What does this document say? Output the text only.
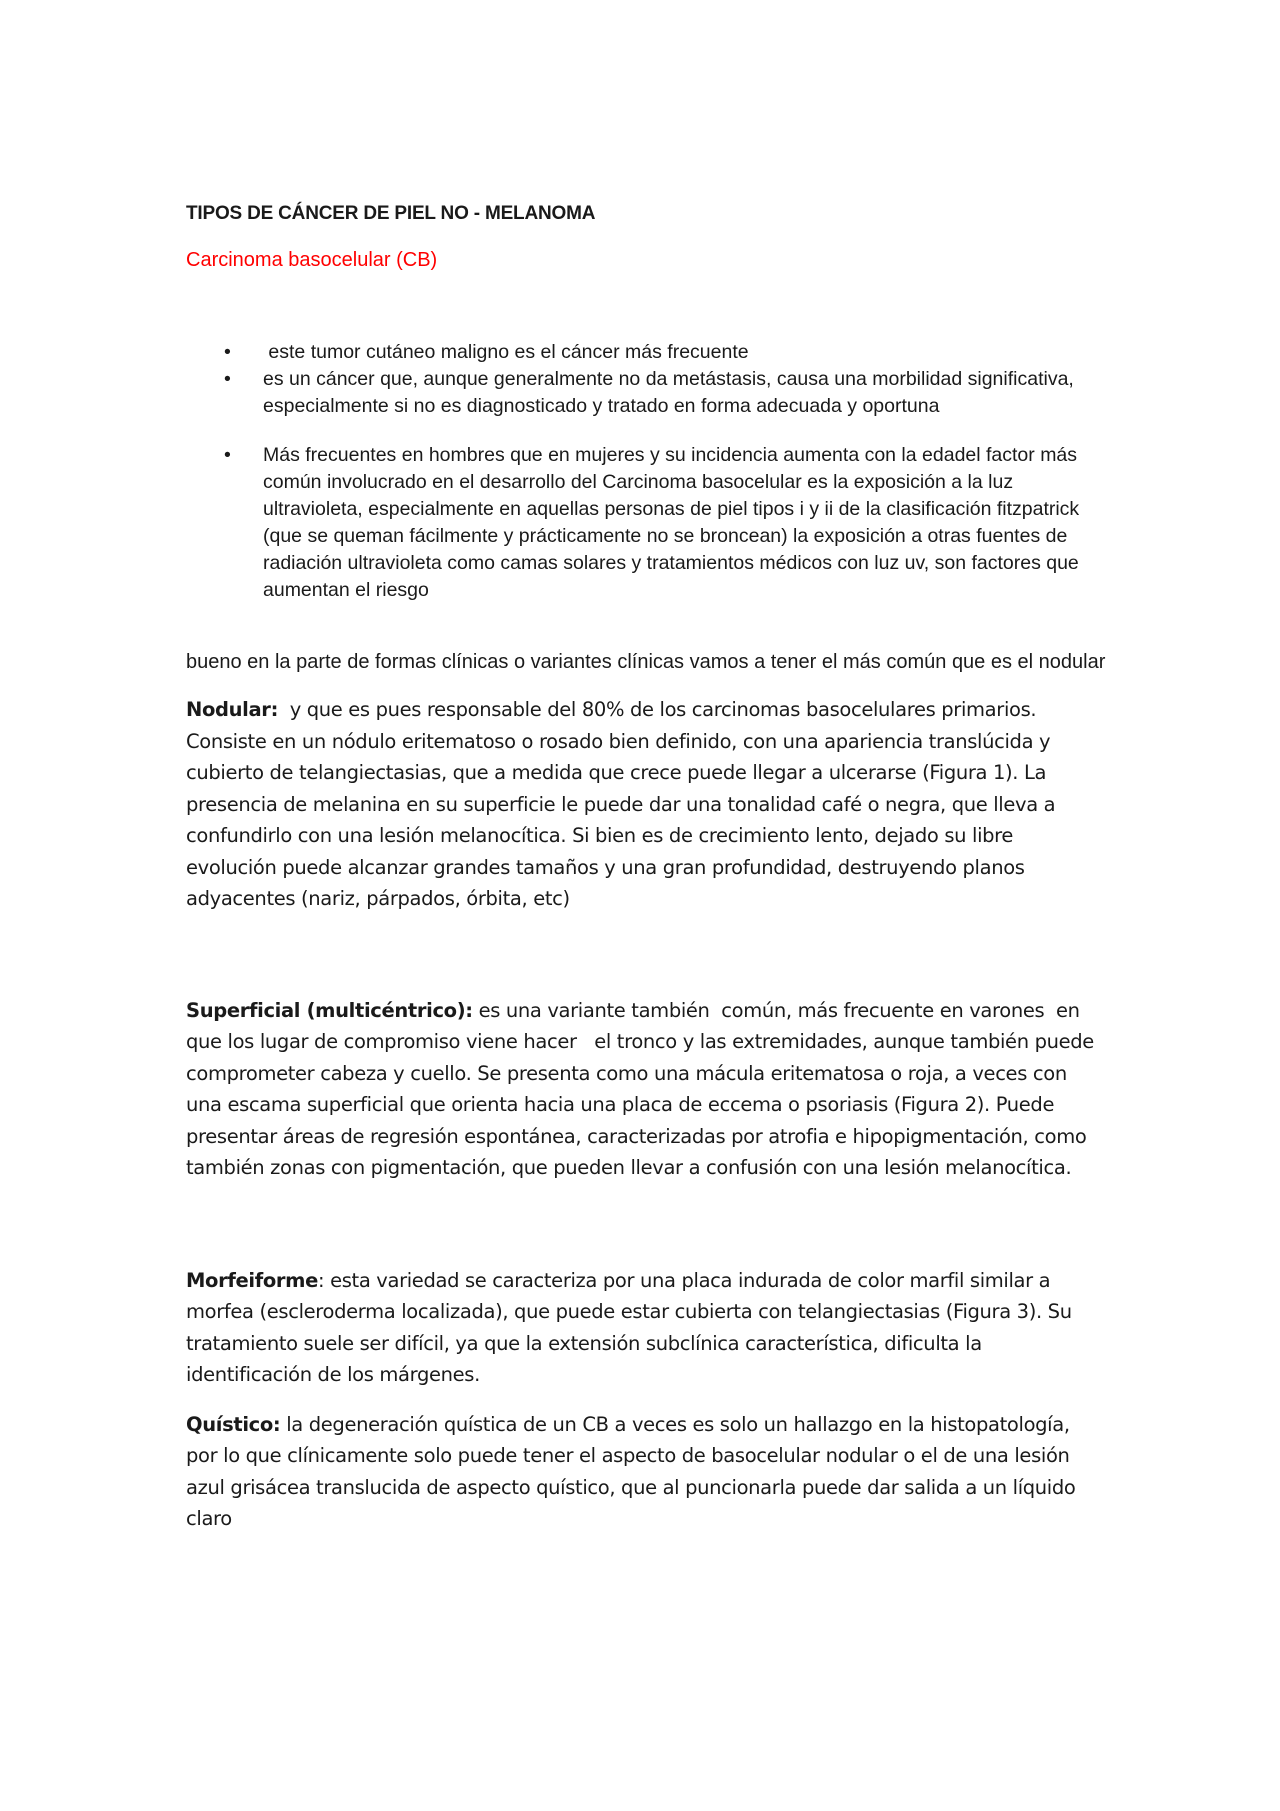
TIPOS DE CÁNCER DE PIEL NO - MELANOMA

Carcinoma basocelular (CB)

• este tumor cutáneo maligno es el cáncer más frecuente
• es un cáncer que, aunque generalmente no da metástasis, causa una morbilidad significativa, especialmente si no es diagnosticado y tratado en forma adecuada y oportuna
• Más frecuentes en hombres que en mujeres y su incidencia aumenta con la edadel factor más común involucrado en el desarrollo del Carcinoma basocelular es la exposición a la luz ultravioleta, especialmente en aquellas personas de piel tipos i y ii de la clasificación fitzpatrick (que se queman fácilmente y prácticamente no se broncean) la exposición a otras fuentes de radiación ultravioleta como camas solares y tratamientos médicos con luz uv, son factores que aumentan el riesgo

bueno en la parte de formas clínicas o variantes clínicas vamos a tener el más común que es el nodular

Nodular:  y que es pues responsable del 80% de los carcinomas basocelulares primarios. Consiste en un nódulo eritematoso o rosado bien definido, con una apariencia translúcida y cubierto de telangiectasias, que a medida que crece puede llegar a ulcerarse (Figura 1). La presencia de melanina en su superficie le puede dar una tonalidad café o negra, que lleva a confundirlo con una lesión melanocítica. Si bien es de crecimiento lento, dejado su libre evolución puede alcanzar grandes tamaños y una gran profundidad, destruyendo planos adyacentes (nariz, párpados, órbita, etc)

Superficial (multicéntrico): es una variante también  común, más frecuente en varones  en que los lugar de compromiso viene hacer   el tronco y las extremidades, aunque también puede comprometer cabeza y cuello. Se presenta como una mácula eritematosa o roja, a veces con una escama superficial que orienta hacia una placa de eccema o psoriasis (Figura 2). Puede presentar áreas de regresión espontánea, caracterizadas por atrofia e hipopigmentación, como también zonas con pigmentación, que pueden llevar a confusión con una lesión melanocítica.

Morfeiforme: esta variedad se caracteriza por una placa indurada de color marfil similar a morfea (escleroderma localizada), que puede estar cubierta con telangiectasias (Figura 3). Su tratamiento suele ser difícil, ya que la extensión subclínica característica, dificulta la identificación de los márgenes.

Quístico: la degeneración quística de un CB a veces es solo un hallazgo en la histopatología, por lo que clínicamente solo puede tener el aspecto de basocelular nodular o el de una lesión azul grisácea translucida de aspecto quístico, que al puncionarla puede dar salida a un líquido claro
